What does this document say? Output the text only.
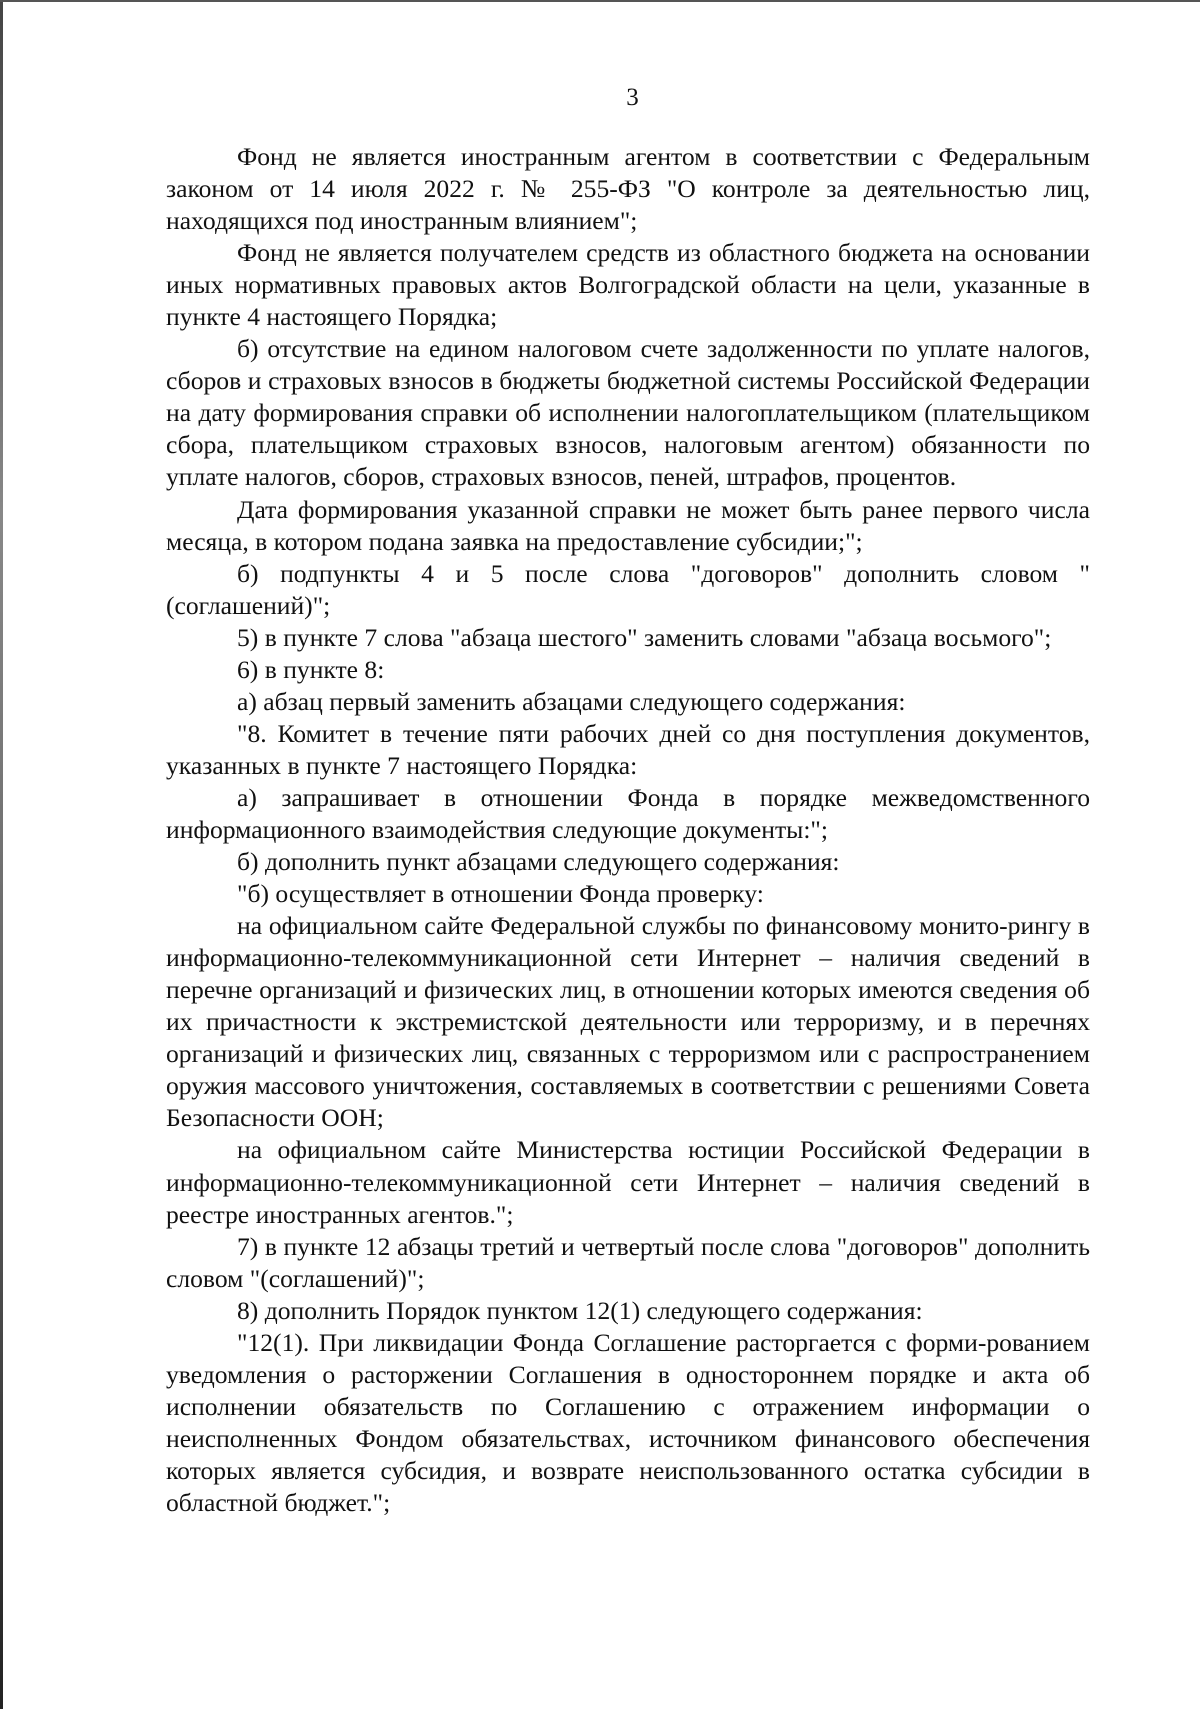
3

Фонд не является иностранным агентом в соответствии с Федеральным законом от 14 июля 2022 г. № 255-ФЗ "О контроле за деятельностью лиц, находящихся под иностранным влиянием";

Фонд не является получателем средств из областного бюджета на основании иных нормативных правовых актов Волгоградской области на цели, указанные в пункте 4 настоящего Порядка;

б) отсутствие на едином налоговом счете задолженности по уплате налогов, сборов и страховых взносов в бюджеты бюджетной системы Российской Федерации на дату формирования справки об исполнении налогоплательщиком (плательщиком сбора, плательщиком страховых взносов, налоговым агентом) обязанности по уплате налогов, сборов, страховых взносов, пеней, штрафов, процентов.

Дата формирования указанной справки не может быть ранее первого числа месяца, в котором подана заявка на предоставление субсидии;";

б) подпункты 4 и 5 после слова "договоров" дополнить словом "(соглашений)";

5) в пункте 7 слова "абзаца шестого" заменить словами "абзаца восьмого";

6) в пункте 8:

а) абзац первый заменить абзацами следующего содержания:

"8. Комитет в течение пяти рабочих дней со дня поступления документов, указанных в пункте 7 настоящего Порядка:

а) запрашивает в отношении Фонда в порядке межведомственного информационного взаимодействия следующие документы:";

б) дополнить пункт абзацами следующего содержания:

"б) осуществляет в отношении Фонда проверку:

на официальном сайте Федеральной службы по финансовому монито-рингу в информационно-телекоммуникационной сети Интернет – наличия сведений в перечне организаций и физических лиц, в отношении которых имеются сведения об их причастности к экстремистской деятельности или терроризму, и в перечнях организаций и физических лиц, связанных с терроризмом или с распространением оружия массового уничтожения, составляемых в соответствии с решениями Совета Безопасности ООН;

на официальном сайте Министерства юстиции Российской Федерации в информационно-телекоммуникационной сети Интернет – наличия сведений в реестре иностранных агентов.";

7) в пункте 12 абзацы третий и четвертый после слова "договоров" дополнить словом "(соглашений)";

8) дополнить Порядок пунктом 12(1) следующего содержания:

"12(1). При ликвидации Фонда Соглашение расторгается с форми-рованием уведомления о расторжении Соглашения в одностороннем порядке и акта об исполнении обязательств по Соглашению с отражением информации о неисполненных Фондом обязательствах, источником финансового обеспечения которых является субсидия, и возврате неиспользованного остатка субсидии в областной бюджет.";
